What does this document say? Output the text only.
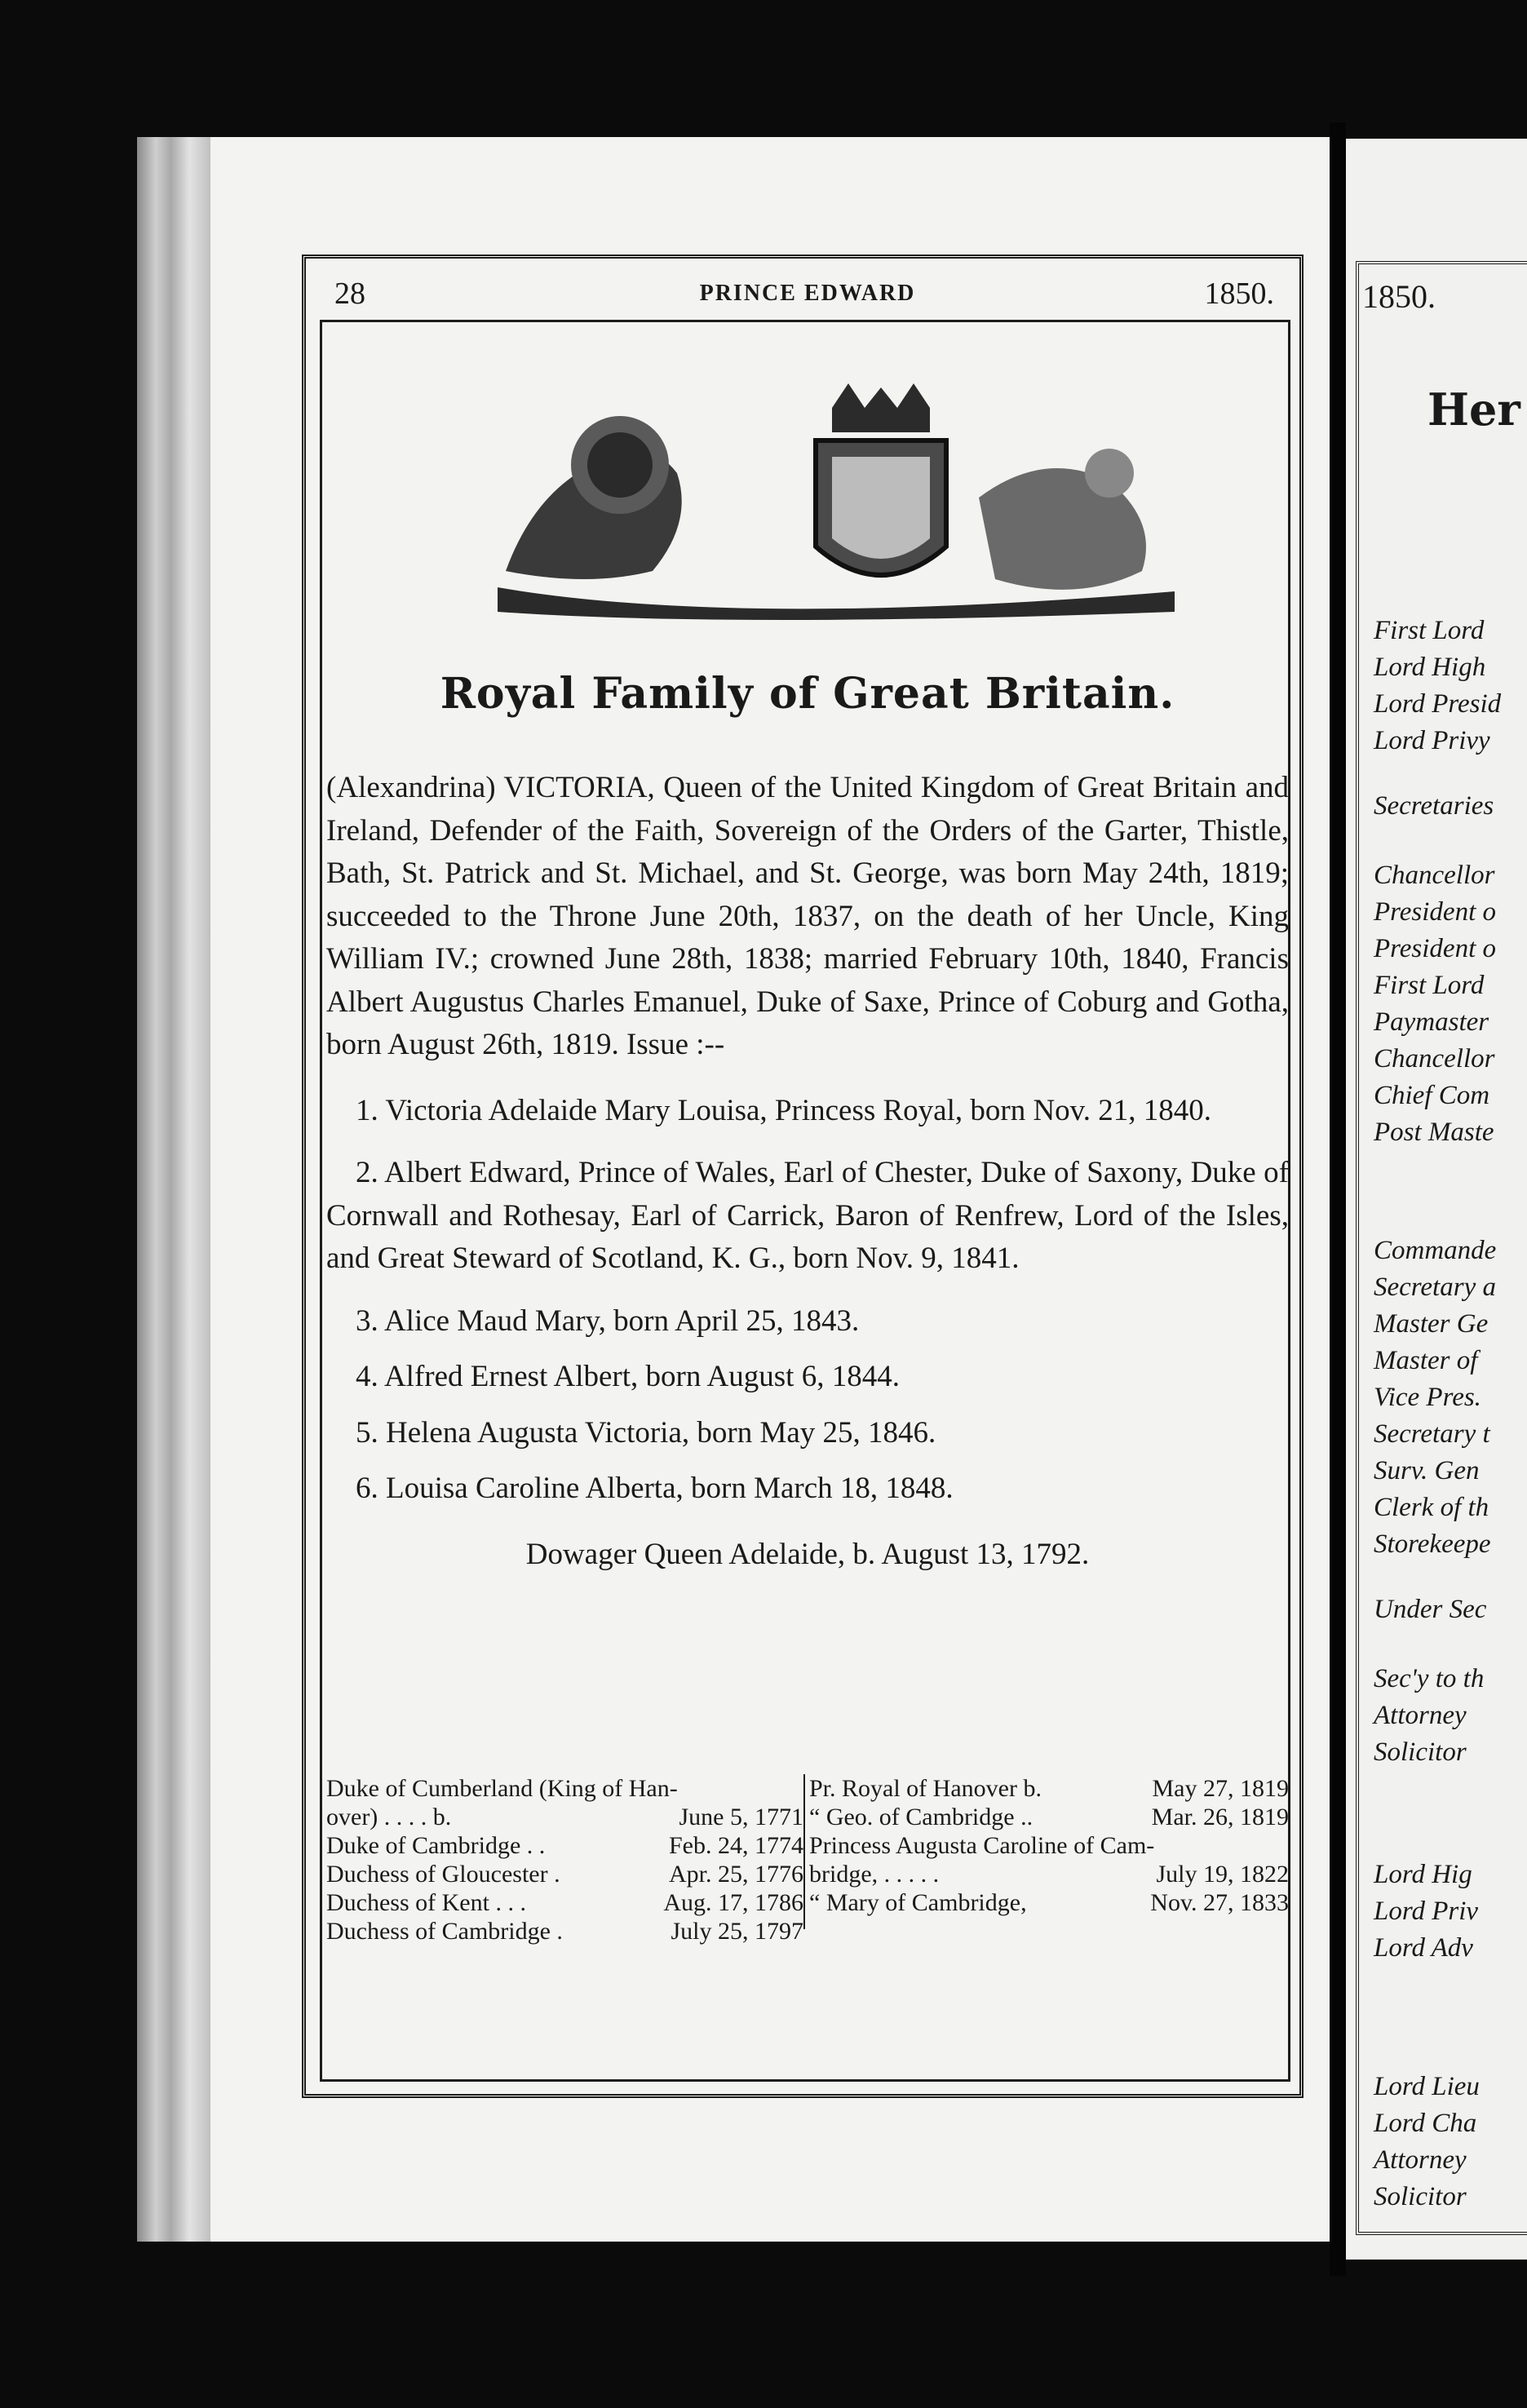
28	PRINCE EDWARD	1850.
Royal Family of Great Britain.

(Alexandrina) VICTORIA, Queen of the United Kingdom of Great Britain and Ireland, Defender of the Faith, Sovereign of the Orders of the Garter, Thistle, Bath, St. Patrick and St. Michael, and St. George, was born May 24th, 1819; succeeded to the Throne June 20th, 1837, on the death of her Uncle, King William IV.; crowned June 28th, 1838; married February 10th, 1840, Francis Albert Augustus Charles Emanuel, Duke of Saxe, Prince of Coburg and Gotha, born August 26th, 1819. Issue :--

1. Victoria Adelaide Mary Louisa, Princess Royal, born Nov. 21, 1840.

2. Albert Edward, Prince of Wales, Earl of Chester, Duke of Saxony, Duke of Cornwall and Rothesay, Earl of Carrick, Baron of Renfrew, Lord of the Isles, and Great Steward of Scotland, K. G., born Nov. 9, 1841.

3. Alice Maud Mary, born April 25, 1843.

4. Alfred Ernest Albert, born August 6, 1844.

5. Helena Augusta Victoria, born May 25, 1846.

6. Louisa Caroline Alberta, born March 18, 1848.

Dowager Queen Adelaide, b. August 13, 1792.

Duke of Cumberland (King of Han-
over) . . . . b.	June 5, 1771
Duke of Cambridge . .	Feb. 24, 1774
Duchess of Gloucester .	Apr. 25, 1776
Duchess of Kent . . .	Aug. 17, 1786
Duchess of Cambridge .	July 25, 1797
Pr. Royal of Hanover b.	May 27, 1819
“ Geo. of Cambridge ..	Mar. 26, 1819
Princess Augusta Caroline of Cam-
bridge, . . . . .	July 19, 1822
“ Mary of Cambridge,	Nov. 27, 1833
1850.
Her
First Lord
Lord High
Lord Presid
Lord Privy
Secretaries
Chancellor
President o
President o
First Lord
Paymaster
Chancellor
Chief Com
Post Maste
Commande
Secretary a
Master Ge
Master of
Vice Pres.
Secretary t
Surv. Gen
Clerk of th
Storekeepe
Under Sec
Sec'y to th
Attorney
Solicitor
Lord Hig
Lord Priv
Lord Adv
Lord Lieu
Lord Cha
Attorney
Solicitor
